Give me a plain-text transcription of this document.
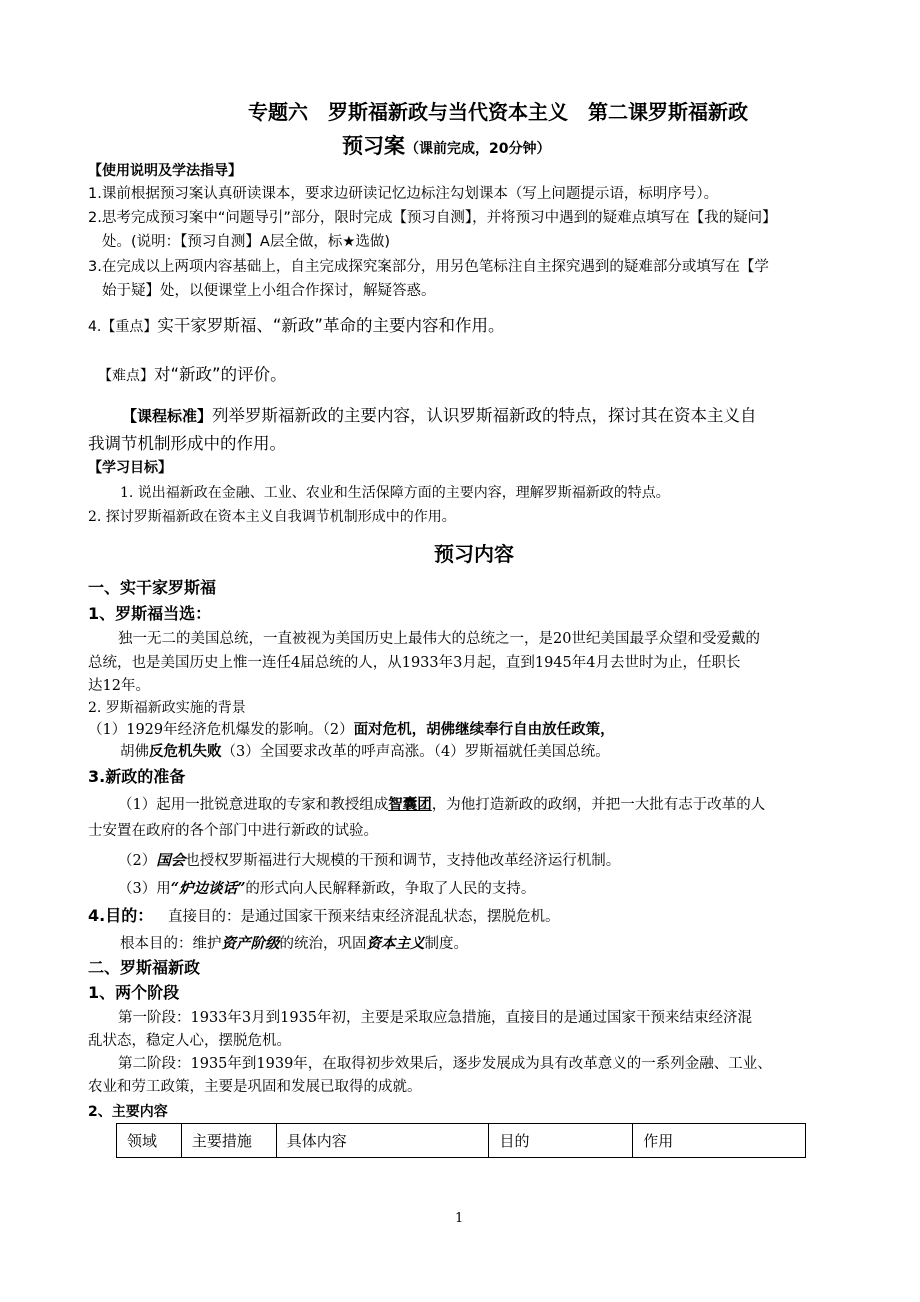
专题六　罗斯福新政与当代资本主义　第二课罗斯福新政
预习案（课前完成，20分钟）
【使用说明及学法指导】
1.课前根据预习案认真研读课本，要求边研读记忆边标注勾划课本（写上问题提示语，标明序号）。
2.思考完成预习案中“问题导引”部分，限时完成【预习自测】，并将预习中遇到的疑难点填写在【我的疑问】
处。(说明：【预习自测】A层全做，标★选做)
3.在完成以上两项内容基础上，自主完成探究案部分，用另色笔标注自主探究遇到的疑难部分或填写在【学
始于疑】处，以便课堂上小组合作探讨，解疑答惑。
4.【重点】实干家罗斯福、“新政”革命的主要内容和作用。
【难点】对“新政”的评价。
【课程标准】列举罗斯福新政的主要内容，认识罗斯福新政的特点，探讨其在资本主义自
我调节机制形成中的作用。
【学习目标】
1. 说出福新政在金融、工业、农业和生活保障方面的主要内容，理解罗斯福新政的特点。
2. 探讨罗斯福新政在资本主义自我调节机制形成中的作用。
预习内容
一、实干家罗斯福
1、罗斯福当选：
独一无二的美国总统，一直被视为美国历史上最伟大的总统之一，是20世纪美国最孚众望和受爱戴的
总统，也是美国历史上惟一连任4届总统的人，从1933年3月起，直到1945年4月去世时为止，任职长
达12年。
2. 罗斯福新政实施的背景
（1）1929年经济危机爆发的影响。（2）面对危机，胡佛继续奉行自由放任政策，
胡佛反危机失败（3）全国要求改革的呼声高涨。（4）罗斯福就任美国总统。
3.新政的准备
（1）起用一批锐意进取的专家和教授组成智囊团，为他打造新政的政纲，并把一大批有志于改革的人
士安置在政府的各个部门中进行新政的试验。
（2）国会也授权罗斯福进行大规模的干预和调节，支持他改革经济运行机制。
（3）用“炉边谈话”的形式向人民解释新政，争取了人民的支持。
4.目的： 直接目的：是通过国家干预来结束经济混乱状态，摆脱危机。
根本目的：维护资产阶级的统治，巩固资本主义制度。
二、罗斯福新政
1、两个阶段
第一阶段：1933年3月到1935年初，主要是采取应急措施，直接目的是通过国家干预来结束经济混
乱状态，稳定人心，摆脱危机。
第二阶段：1935年到1939年，在取得初步效果后，逐步发展成为具有改革意义的一系列金融、工业、
农业和劳工政策，主要是巩固和发展已取得的成就。
2、主要内容
领域	主要措施	具体内容	目的	作用
1
